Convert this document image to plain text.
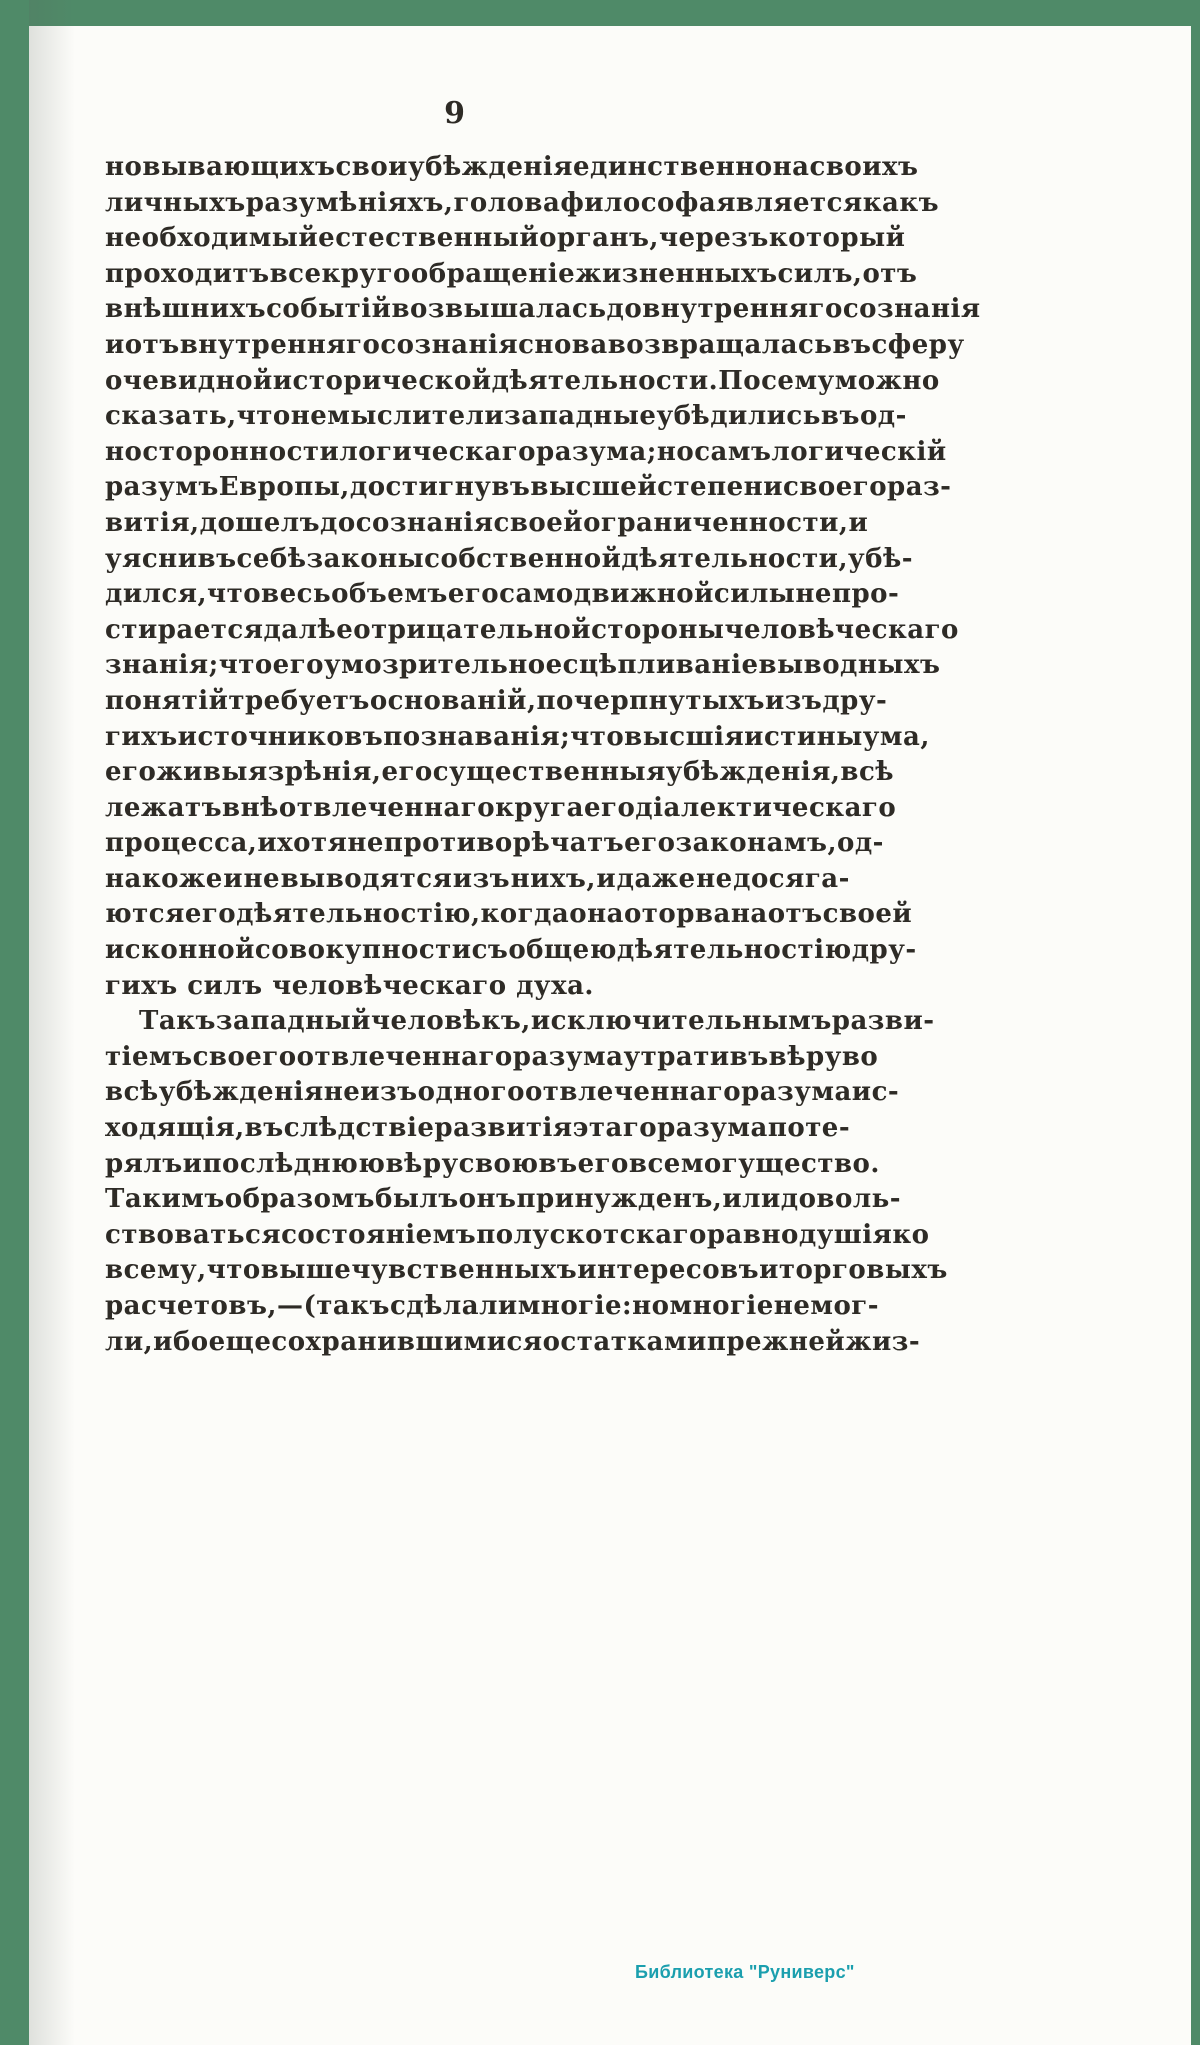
9
новывающихъ свои убѣжденія единственно на своихъ
личныхъ разумѣніяхъ, голова философа является какъ
необходимый естественный органъ , черезъ который
проходитъ все кругообращеніе жизненныхъ силъ, отъ
внѣшнихъ событій возвышалась до внутренняго сознанія
и отъ внутренняго сознанія снова возвращалась въ сферу
очевидной исторической дѣятельности. Посему можно
сказать , что не мыслители западные убѣдились въ од-
носторонности логическаго разума; но самъ логическій
разумъ Европы, достигнувъ высшей степени своего раз-
витія , дошелъ до сознанія своей ограниченности , и
уяснивъ себѣ законы собственной дѣятельности, убѣ-
дился, что весь объемъ его самодвижной силы не про-
стирается далѣе отрицательной стороны человѣческаго
знанія; что его умозрительное сцѣпливаніе выводныхъ
понятій требуетъ основаній , почерпнутыхъ изъ дру-
гихъ источниковъ познаванія; что высшія истины ума,
его живыя зрѣнія, его существенныя убѣжденія , всѣ
лежатъ внѣ отвлеченнаго круга его діалектическаго
процесса, и хотя не противорѣчатъ его законамъ, од-
накоже и не выводятся изъ нихъ, и даже не досяга-
ются его дѣятельностію, когда она оторвана отъ своей
исконной совокупности съ общею дѣятельностію дру-
гихъ силъ человѣческаго духа.
Такъ западный человѣкъ, исключительнымъ разви-
тіемъ своего отвлеченнаго разума утративъ вѣру во
всѣ убѣжденія не изъ одного отвлеченнаго разума ис-
ходящія , въ слѣдствіе развитія этаго разума поте-
рялъ и послѣднюю вѣру свою въ его всемогущество.
Такимъ образомъ былъ онъ принужденъ, или доволь-
ствоваться состояніемъ полускотскаго равнодушія ко
всему, что выше чувственныхъ интересовъ и торговыхъ
расчетовъ, — ( такъ сдѣлали многіе: но многіе не мог-
ли, ибо еще сохранившимися остатками прежней жиз-
Библиотека "Руниверс"
